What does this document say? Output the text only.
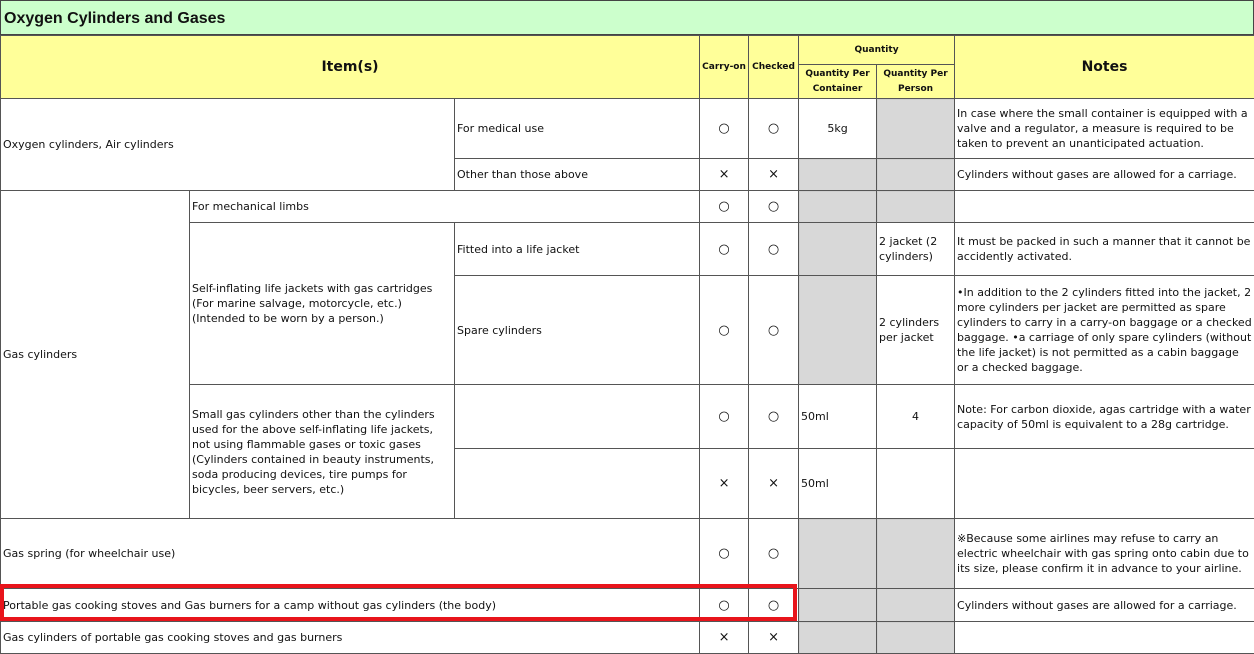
Oxygen Cylinders and Gases
Item(s)			Carry-on	Checked	Quantity		Notes
					Quantity Per Container	Quantity Per Person	
Oxygen cylinders, Air cylinders		For medical use	○	○	5kg		In case where the small container is equipped with a valve and a regulator, a measure is required to be taken to prevent an unanticipated actuation.
		Other than those above	×	×			Cylinders without gases are allowed for a carriage.
Gas cylinders	For mechanical limbs		○	○			
	Self-inflating life jackets with gas cartridges (For marine salvage, motorcycle, etc.) (Intended to be worn by a person.)	Fitted into a life jacket	○	○		2 jacket (2 cylinders)	It must be packed in such a manner that it cannot be accidently activated.
		Spare cylinders	○	○		2 cylinders per jacket	•In addition to the 2 cylinders fitted into the jacket, 2 more cylinders per jacket are permitted as spare cylinders to carry in a carry-on baggage or a checked baggage. •a carriage of only spare cylinders (without the life jacket) is not permitted as a cabin baggage or a checked baggage.
	Small gas cylinders other than the cylinders used for the above self-inflating life jackets, not using flammable gases or toxic gases (Cylinders contained in beauty instruments, soda producing devices, tire pumps for bicycles, beer servers, etc.)		○	○	50ml	4	Note: For carbon dioxide, agas cartridge with a water capacity of 50ml is equivalent to a 28g cartridge.
			×	×	50ml		

Gas spring (for wheelchair use)			○	○			※Because some airlines may refuse to carry an electric wheelchair with gas spring onto cabin due to its size, please confirm it in advance to your airline.
Portable gas cooking stoves and Gas burners for a camp without gas cylinders (the body)			○	○			Cylinders without gases are allowed for a carriage.
Gas cylinders of portable gas cooking stoves and gas burners			×	×			
